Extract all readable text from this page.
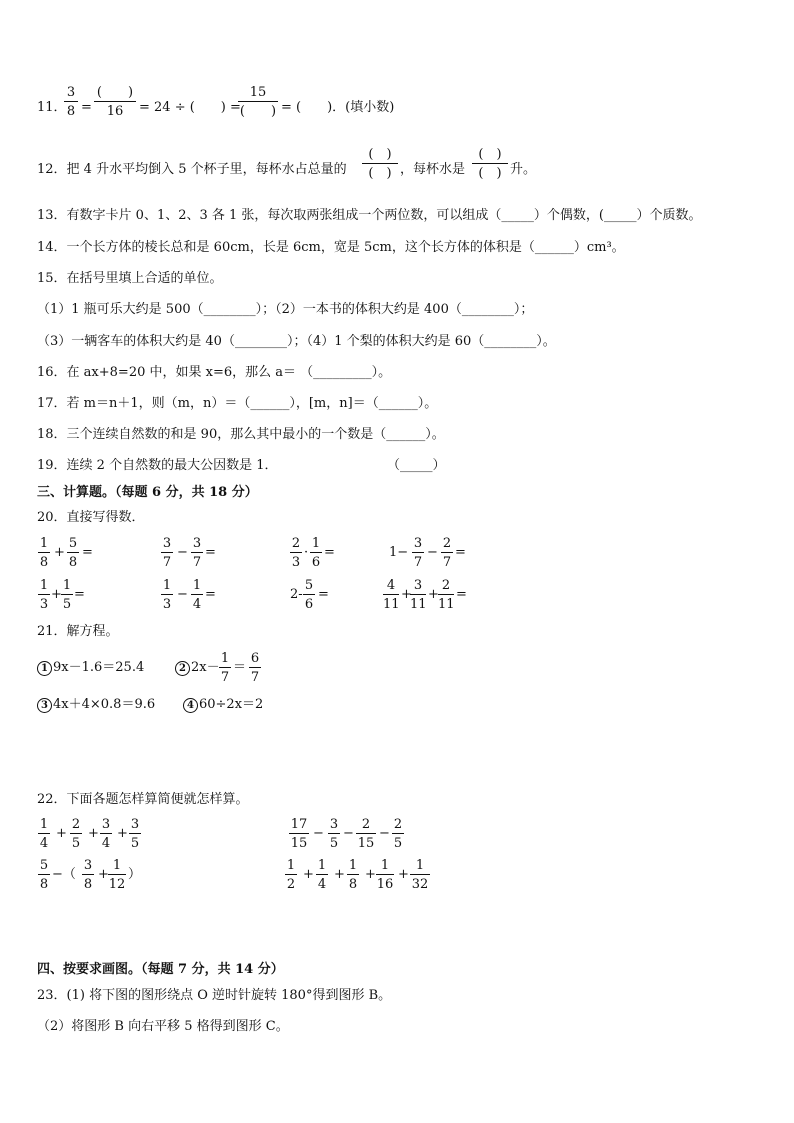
11．
3
8 =
(　　)
16	= 24 ÷ (　　) =
15
(　　) = (　　)．(填小数)
12．把 4 升水平均倒入 5 个杯子里，每杯水占总量的
(　)
(　) ，每杯水是
(　)
(　) 升。
13．有数字卡片 0、1、2、3 各 1 张，每次取两张组成一个两位数，可以组成（_____）个偶数，(_____）个质数。
14．一个长方体的棱长总和是 60cm，长是 6cm，宽是 5cm，这个长方体的体积是（______）cm³。
15．在括号里填上合适的单位。
（1）1 瓶可乐大约是 500（________）；（2）一本书的体积大约是 400（________）；
（3）一辆客车的体积大约是 40（________）；（4）1 个梨的体积大约是 60（________）。
16．在 ax+8=20 中，如果 x=6，那么 a＝ （_________）。
17．若 m＝n＋1，则（m，n）＝（______），[m，n]＝（______）。
18．三个连续自然数的和是 90，那么其中最小的一个数是（______）。
19．连续 2 个自然数的最大公因数是 1．	（_____）
三、计算题。（每题 6 分，共 18 分）
20．直接写得数．
1
8
+
5
8
=
3
7
−
3
7
=
2
3
·
1
6
=	1−
3
7
−
2
7
=
1
3
+
1
5
=
1
3
−
1
4
=	2-
5
6
=
4
11
+
3
11
+
2
11
=
21．解方程。
1 9x－1.6＝25.4	2 2x－
1
7
＝
6
7
3 4x＋4×0.8＝9.6	4 60÷2x＝2
22．下面各题怎样算简便就怎样算。
1
4
+
2
5
+
3
4
+
3
5
17
15
−
3
5
−
2
15
−
2
5
5
8
−（
3
8
+
1
12
）
1
2
+
1
4
+
1
8
+
1
16
+
1
32
四、按要求画图。（每题 7 分，共 14 分）
23．(1) 将下图的图形绕点 O 逆时针旋转 180°得到图形 B。
（2）将图形 B 向右平移 5 格得到图形 C。
